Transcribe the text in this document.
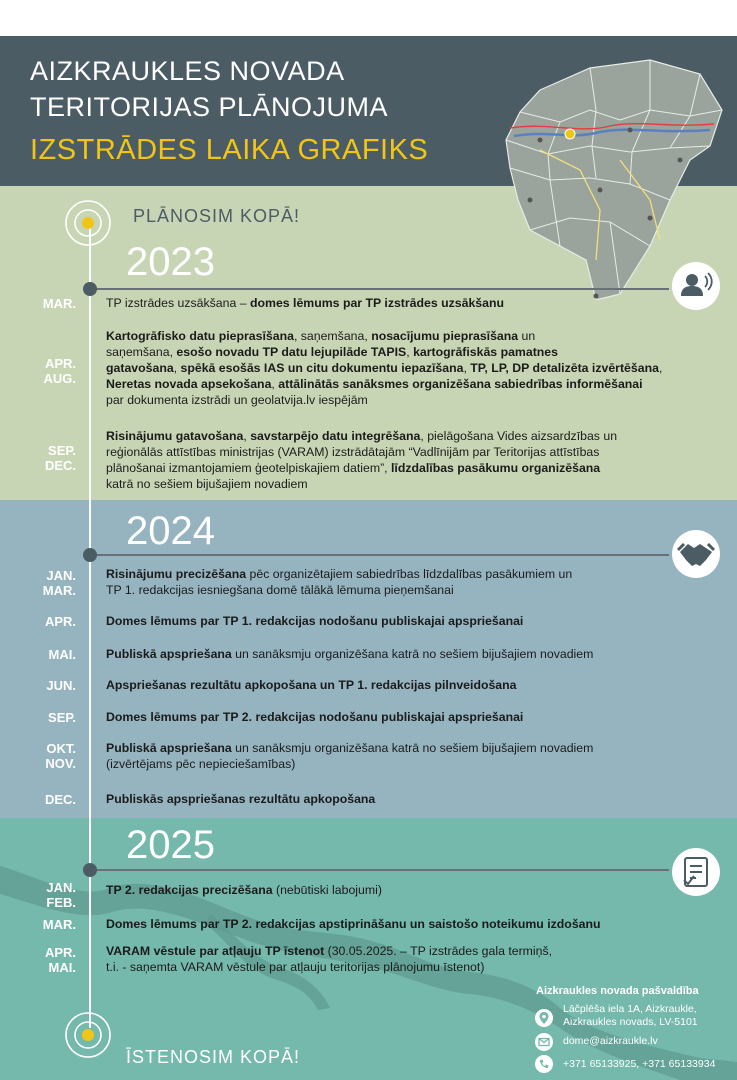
AIZKRAUKLES NOVADA
TERITORIJAS PLĀNOJUMA
IZSTRĀDES LAIKA GRAFIKS
PLĀNOSIM KOPĀ!
2023
MAR. TP izstrādes uzsākšana – domes lēmums par TP izstrādes uzsākšanu
APR.
AUG.
Kartogrāfisko datu pieprasīšana, saņemšana, nosacījumu pieprasīšana un
saņemšana, esošo novadu TP datu lejupilāde TAPIS, kartogrāfiskās pamatnes
gatavošana, spēkā esošās IAS un citu dokumentu iepazīšana, TP, LP, DP detalizēta izvērtēšana,
Neretas novada apsekošana, attālinātās sanāksmes organizēšana sabiedrības informēšanai
par dokumenta izstrādi un geolatvija.lv iespējām
SEP.
DEC.
Risinājumu gatavošana, savstarpējo datu integrēšana, pielāgošana Vides aizsardzības un
reģionālās attīstības ministrijas (VARAM) izstrādātajām “Vadlīnijām par Teritorijas attīstības
plānošanai izmantojamiem ģeotelpiskajiem datiem”, līdzdalības pasākumu organizēšana
katrā no sešiem bijušajiem novadiem
2024
JAN.
MAR.
Risinājumu precizēšana pēc organizētajiem sabiedrības līdzdalības pasākumiem un
TP 1. redakcijas iesniegšana domē tālākā lēmuma pieņemšanai
APR. Domes lēmums par TP 1. redakcijas nodošanu publiskajai apspriešanai
MAI. Publiskā apspriešana un sanāksmju organizēšana katrā no sešiem bijušajiem novadiem
JUN. Apspriešanas rezultātu apkopošana un TP 1. redakcijas pilnveidošana
SEP. Domes lēmums par TP 2. redakcijas nodošanu publiskajai apspriešanai
OKT.
NOV.
Publiskā apspriešana un sanāksmju organizēšana katrā no sešiem bijušajiem novadiem
(izvērtējams pēc nepieciešamības)
DEC. Publiskās apspriešanas rezultātu apkopošana
2025
JAN.
FEB.
TP 2. redakcijas precizēšana (nebūtiski labojumi)
MAR. Domes lēmums par TP 2. redakcijas apstiprināšanu un saistošo noteikumu izdošanu
APR.
MAI.
VARAM vēstule par atļauju TP īstenot (30.05.2025. – TP izstrādes gala termiņš,
t.i. - saņemta VARAM vēstule par atļauju teritorijas plānojumu īstenot)
ĪSTENOSIM KOPĀ!
Aizkraukles novada pašvaldība
Lāčplēša iela 1A, Aizkraukle,
Aizkraukles novads, LV-5101
dome@aizkraukle.lv
+371 65133925, +371 65133934
